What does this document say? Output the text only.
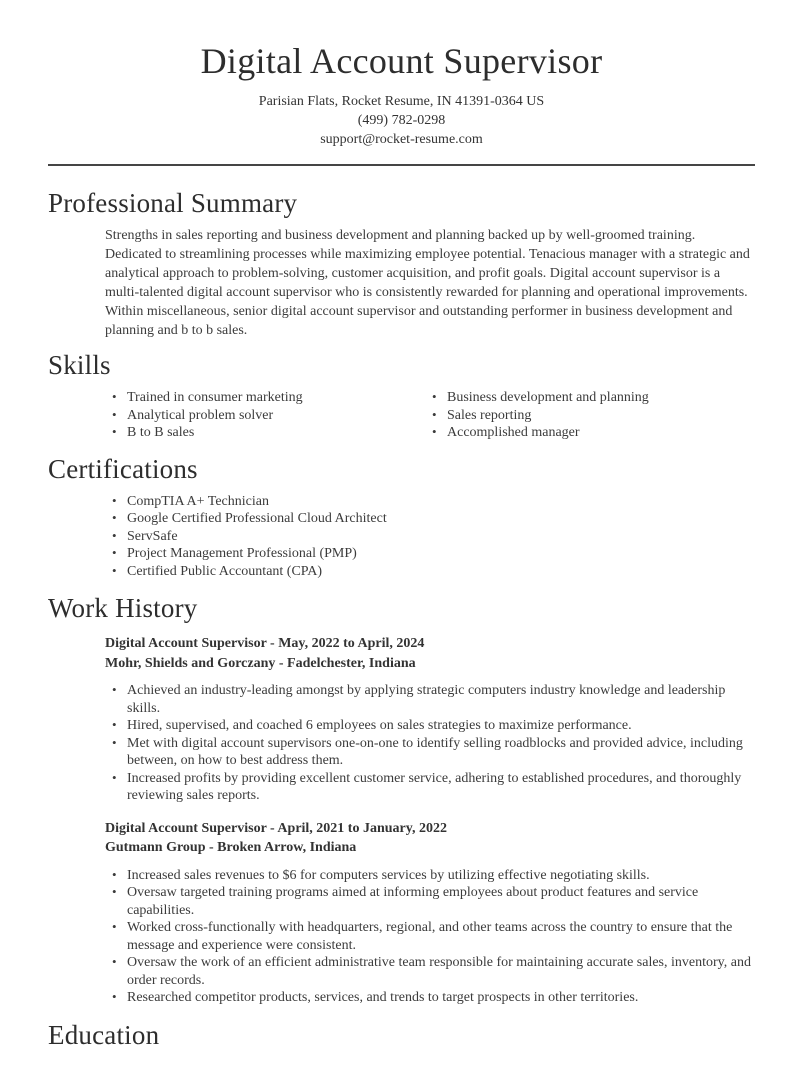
Digital Account Supervisor
Parisian Flats, Rocket Resume, IN 41391-0364 US
(499) 782-0298
support@rocket-resume.com
Professional Summary

Strengths in sales reporting and business development and planning backed up by well-groomed training. Dedicated to streamlining processes while maximizing employee potential. Tenacious manager with a strategic and analytical approach to problem-solving, customer acquisition, and profit goals. Digital account supervisor is a multi-talented digital account supervisor who is consistently rewarded for planning and operational improvements. Within miscellaneous, senior digital account supervisor and outstanding performer in business development and planning and b to b sales.

Skills
• Trained in consumer marketing
• Analytical problem solver
• B to B sales
• Business development and planning
• Sales reporting
• Accomplished manager
Certifications
• CompTIA A+ Technician
• Google Certified Professional Cloud Architect
• ServSafe
• Project Management Professional (PMP)
• Certified Public Accountant (CPA)
Work History
Digital Account Supervisor - May, 2022 to April, 2024
Mohr, Shields and Gorczany - Fadelchester, Indiana
• Achieved an industry-leading amongst by applying strategic computers industry knowledge and leadership skills.
• Hired, supervised, and coached 6 employees on sales strategies to maximize performance.
• Met with digital account supervisors one-on-one to identify selling roadblocks and provided advice, including between, on how to best address them.
• Increased profits by providing excellent customer service, adhering to established procedures, and thoroughly reviewing sales reports.
Digital Account Supervisor - April, 2021 to January, 2022
Gutmann Group - Broken Arrow, Indiana
• Increased sales revenues to $6 for computers services by utilizing effective negotiating skills.
• Oversaw targeted training programs aimed at informing employees about product features and service capabilities.
• Worked cross-functionally with headquarters, regional, and other teams across the country to ensure that the message and experience were consistent.
• Oversaw the work of an efficient administrative team responsible for maintaining accurate sales, inventory, and order records.
• Researched competitor products, services, and trends to target prospects in other territories.
Education
